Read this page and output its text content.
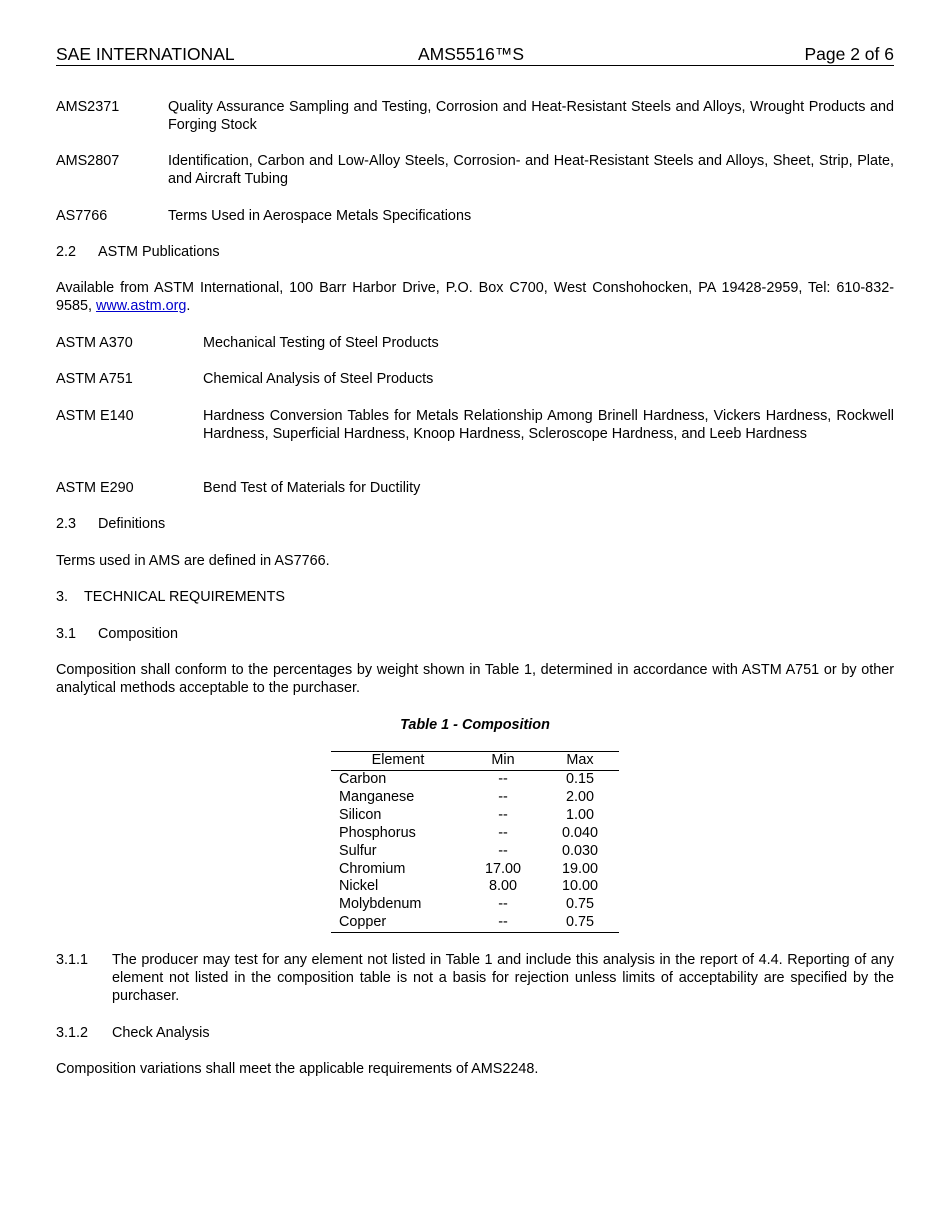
SAE INTERNATIONAL	AMS5516™S	Page 2 of 6
AMS2371	Quality Assurance Sampling and Testing, Corrosion and Heat-Resistant Steels and Alloys, Wrought Products and Forging Stock
AMS2807	Identification, Carbon and Low-Alloy Steels, Corrosion- and Heat-Resistant Steels and Alloys, Sheet, Strip, Plate, and Aircraft Tubing
AS7766	Terms Used in Aerospace Metals Specifications
2.2 ASTM Publications
Available from ASTM International, 100 Barr Harbor Drive, P.O. Box C700, West Conshohocken, PA 19428-2959, Tel: 610-832-9585, www.astm.org.
ASTM A370	Mechanical Testing of Steel Products
ASTM A751	Chemical Analysis of Steel Products
ASTM E140	Hardness Conversion Tables for Metals Relationship Among Brinell Hardness, Vickers Hardness, Rockwell Hardness, Superficial Hardness, Knoop Hardness, Scleroscope Hardness, and Leeb Hardness
ASTM E290	Bend Test of Materials for Ductility
2.3 Definitions
Terms used in AMS are defined in AS7766.
3. TECHNICAL REQUIREMENTS
3.1 Composition
Composition shall conform to the percentages by weight shown in Table 1, determined in accordance with ASTM A751 or by other analytical methods acceptable to the purchaser.
Table 1 - Composition
Element	Min	Max
Carbon	--	0.15
Manganese	--	2.00
Silicon	--	1.00
Phosphorus	--	0.040
Sulfur	--	0.030
Chromium	17.00	19.00
Nickel	8.00	10.00
Molybdenum	--	0.75
Copper	--	0.75
3.1.1 The producer may test for any element not listed in Table 1 and include this analysis in the report of 4.4. Reporting of any element not listed in the composition table is not a basis for rejection unless limits of acceptability are specified by the purchaser.
3.1.2 Check Analysis
Composition variations shall meet the applicable requirements of AMS2248.
